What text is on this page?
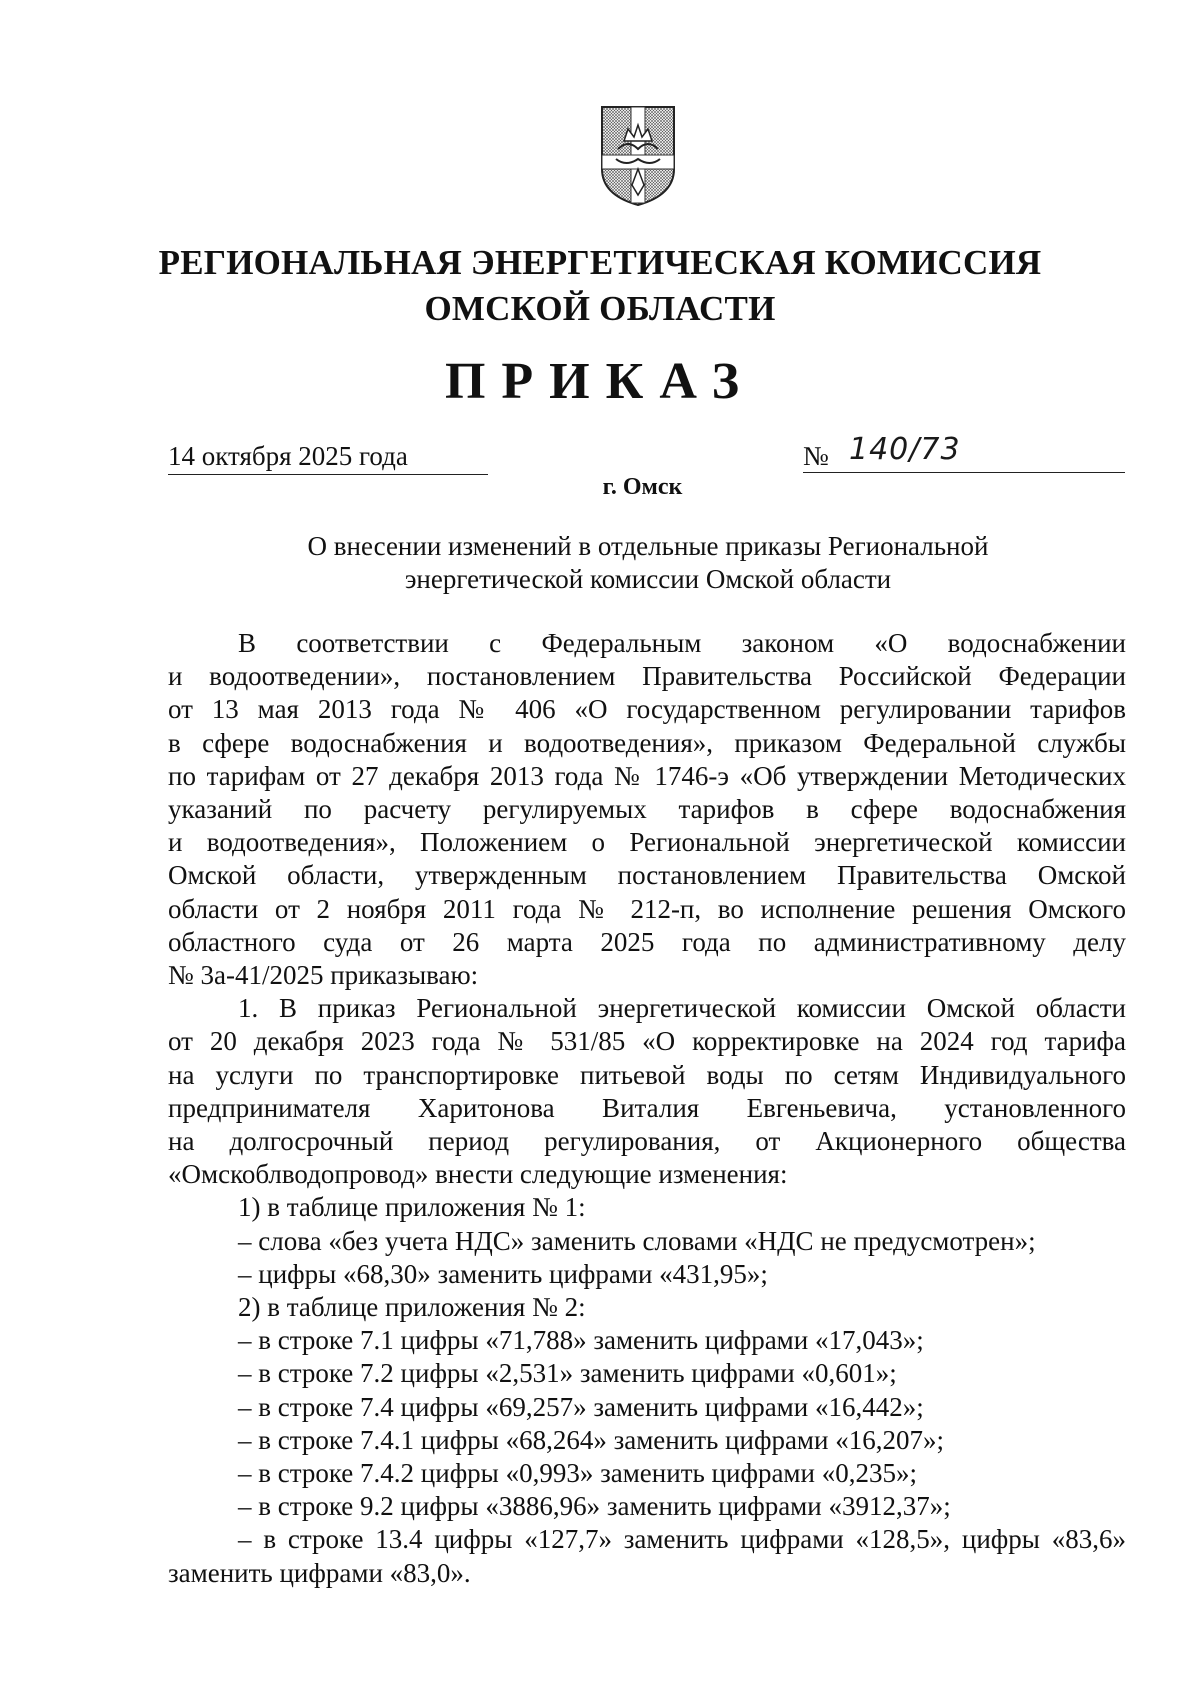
РЕГИОНАЛЬНАЯ ЭНЕРГЕТИЧЕСКАЯ КОМИССИЯ
ОМСКОЙ ОБЛАСТИ
ПРИКАЗ
14 октября 2025 года	№ 140/73
г. Омск
О внесении изменений в отдельные приказы Региональной
энергетической комиссии Омской области

В соответствии с Федеральным законом «О водоснабжении

и водоотведении», постановлением Правительства Российской Федерации

от 13 мая 2013 года № 406 «О государственном регулировании тарифов

в сфере водоснабжения и водоотведения», приказом Федеральной службы

по тарифам от 27 декабря 2013 года № 1746-э «Об утверждении Методических

указаний по расчету регулируемых тарифов в сфере водоснабжения

и водоотведения», Положением о Региональной энергетической комиссии

Омской области, утвержденным постановлением Правительства Омской

области от 2 ноября 2011 года № 212-п, во исполнение решения Омского

областного суда от 26 марта 2025 года по административному делу

№ 3а-41/2025 приказываю:

1. В приказ Региональной энергетической комиссии Омской области

от 20 декабря 2023 года № 531/85 «О корректировке на 2024 год тарифа

на услуги по транспортировке питьевой воды по сетям Индивидуального

предпринимателя Харитонова Виталия Евгеньевича, установленного

на долгосрочный период регулирования, от Акционерного общества

«Омскоблводопровод» внести следующие изменения:

1) в таблице приложения № 1:

– слова «без учета НДС» заменить словами «НДС не предусмотрен»;

– цифры «68,30» заменить цифрами «431,95»;

2) в таблице приложения № 2:

– в строке 7.1 цифры «71,788» заменить цифрами «17,043»;

– в строке 7.2 цифры «2,531» заменить цифрами «0,601»;

– в строке 7.4 цифры «69,257» заменить цифрами «16,442»;

– в строке 7.4.1 цифры «68,264» заменить цифрами «16,207»;

– в строке 7.4.2 цифры «0,993» заменить цифрами «0,235»;

– в строке 9.2 цифры «3886,96» заменить цифрами «3912,37»;

– в строке 13.4 цифры «127,7» заменить цифрами «128,5», цифры «83,6»

заменить цифрами «83,0».
